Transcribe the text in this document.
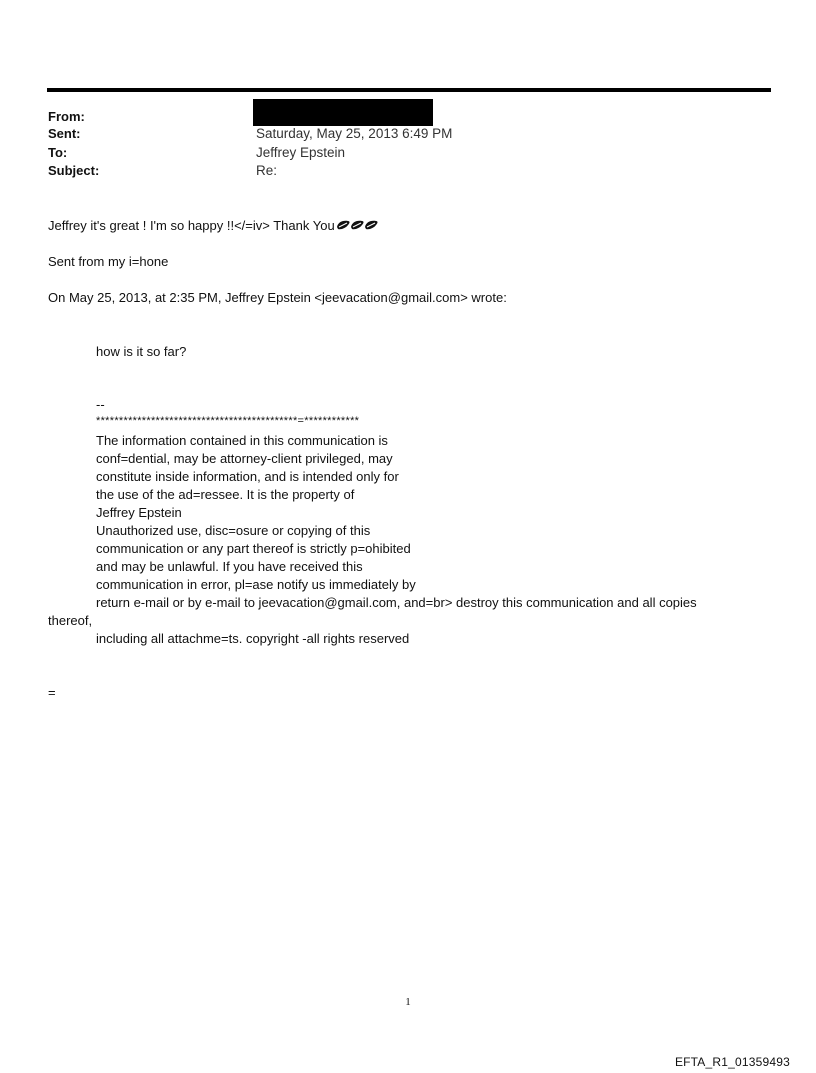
From:
Sent:	Saturday, May 25, 2013 6:49 PM
To:	Jeffrey Epstein
Subject:	Re:
Jeffrey it's great ! I'm so happy !!</=iv> Thank You
Sent from my i=hone
On May 25, 2013, at 2:35 PM, Jeffrey Epstein <jeevacation@gmail.com> wrote:
how is it so far?
--
********************************************=************
The information contained in this communication is
conf=dential, may be attorney-client privileged, may
constitute inside information, and is intended only for
the use of the ad=ressee. It is the property of
Jeffrey Epstein
Unauthorized use, disc=osure or copying of this
communication or any part thereof is strictly p=ohibited
and may be unlawful. If you have received this
communication in error, pl=ase notify us immediately by
return e-mail or by e-mail to jeevacation@gmail.com, and=br> destroy this communication and all copies
thereof,
including all attachme=ts. copyright -all rights reserved
=
1
EFTA_R1_01359493
